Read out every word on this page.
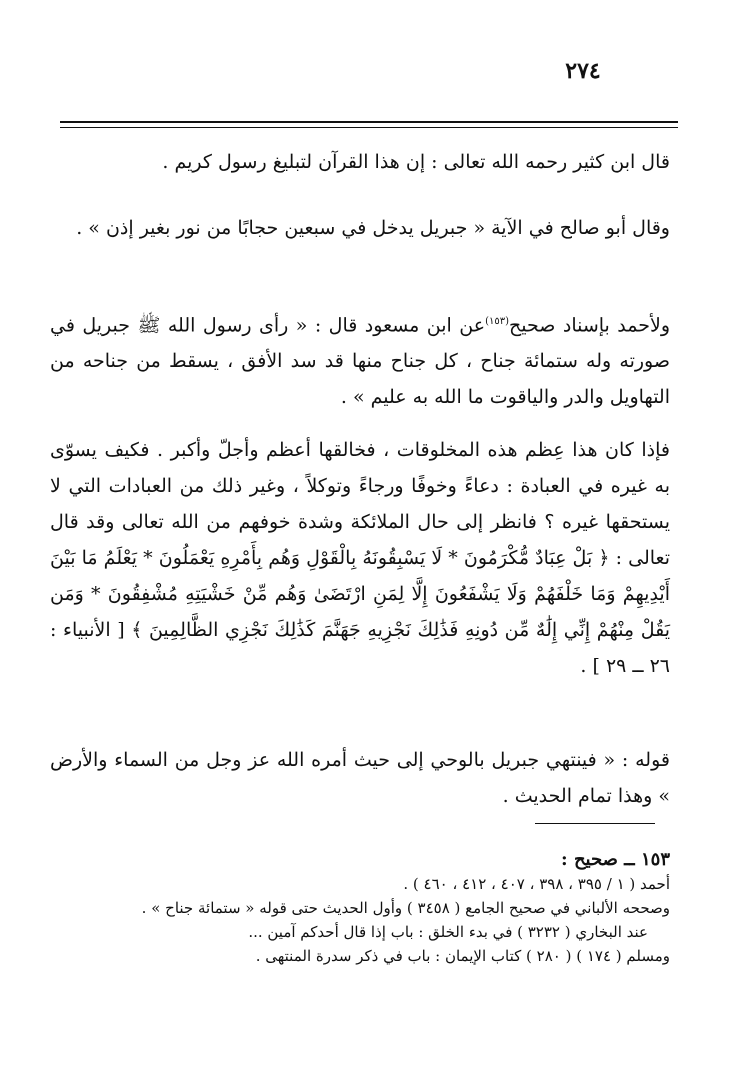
٢٧٤

قال ابن كثير رحمه الله تعالى : إن هذا القرآن لتبليغ رسول كريم .

وقال أبو صالح في الآية « جبريل يدخل في سبعين حجابًا من نور بغير إذن » .

ولأحمد بإسناد صحيح$^{(١٥٣)}$عن ابن مسعود قال : « رأى رسول الله ﷺ جبريل في صورته وله ستمائة جناح ، كل جناح منها قد سد الأفق ، يسقط من جناحه من التهاويل والدر والياقوت ما الله به عليم » .

فإذا كان هذا عِظم هذه المخلوقات ، فخالقها أعظم وأجلّ وأكبر . فكيف يسوّى به غيره في العبادة : دعاءً وخوفًا ورجاءً وتوكلاً ، وغير ذلك من العبادات التي لا يستحقها غيره ؟ فانظر إلى حال الملائكة وشدة خوفهم من الله تعالى وقد قال تعالى : ﴿ بَلْ عِبَادٌ مُّكْرَمُونَ * لَا يَسْبِقُونَهُ بِالْقَوْلِ وَهُم بِأَمْرِهِ يَعْمَلُونَ * يَعْلَمُ مَا بَيْنَ أَيْدِيهِمْ وَمَا خَلْفَهُمْ وَلَا يَشْفَعُونَ إِلَّا لِمَنِ ارْتَضَىٰ وَهُم مِّنْ خَشْيَتِهِ مُشْفِقُونَ * وَمَن يَقُلْ مِنْهُمْ إِنِّي إِلَٰهٌ مِّن دُونِهِ فَذَٰلِكَ نَجْزِيهِ جَهَنَّمَ كَذَٰلِكَ نَجْزِي الظَّالِمِينَ ﴾ [ الأنبياء : ٢٦ ــ ٢٩ ] .

قوله : « فينتهي جبريل بالوحي إلى حيث أمره الله عز وجل من السماء والأرض » وهذا تمام الحديث .

١٥٣ ــ صحيح :

أحمد ( ١ / ٣٩٥ ، ٣٩٨ ، ٤٠٧ ، ٤١٢ ، ٤٦٠ ) .

وصححه الألباني في صحيح الجامع ( ٣٤٥٨ ) وأول الحديث حتى قوله « ستمائة جناح » .

عند البخاري ( ٣٢٣٢ ) في بدء الخلق : باب إذا قال أحدكم آمين ...

ومسلم ( ١٧٤ ) ( ٢٨٠ ) كتاب الإيمان : باب في ذكر سدرة المنتهى .
